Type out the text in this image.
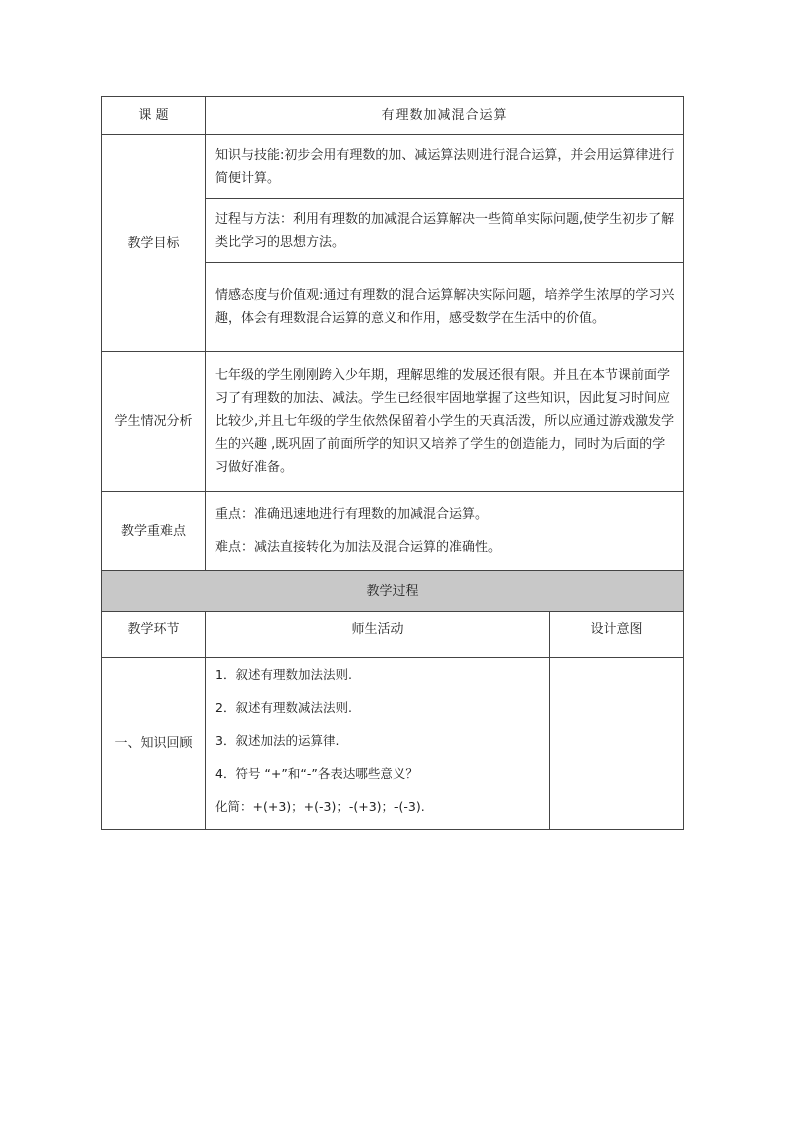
课 题	有理数加减混合运算	
教学目标	知识与技能:初步会用有理数的加、减运算法则进行混合运算，并会用运算律进行简便计算。	
	过程与方法：利用有理数的加减混合运算解决一些简单实际问题,使学生初步了解类比学习的思想方法。	
	情感态度与价值观:通过有理数的混合运算解决实际问题，培养学生浓厚的学习兴趣，体会有理数混合运算的意义和作用，感受数学在生活中的价值。	
学生情况分析	七年级的学生刚刚跨入少年期，理解思维的发展还很有限。并且在本节课前面学习了有理数的加法、减法。学生已经很牢固地掌握了这些知识，因此复习时间应比较少,并且七年级的学生依然保留着小学生的天真活泼，所以应通过游戏激发学生的兴趣 ,既巩固了前面所学的知识又培养了学生的创造能力，同时为后面的学习做好准备。	
教学重难点	重点：准确迅速地进行有理数的加减混合运算。
难点：减法直接转化为加法及混合运算的准确性。	

教学过程		
教学环节	师生活动	设计意图
一、知识回顾	1．叙述有理数加法法则.
2．叙述有理数减法法则.
3．叙述加法的运算律.
4．符号 “+”和“-”各表达哪些意义？
化简：+(+3)；+(-3)；-(+3)；-(-3).	
